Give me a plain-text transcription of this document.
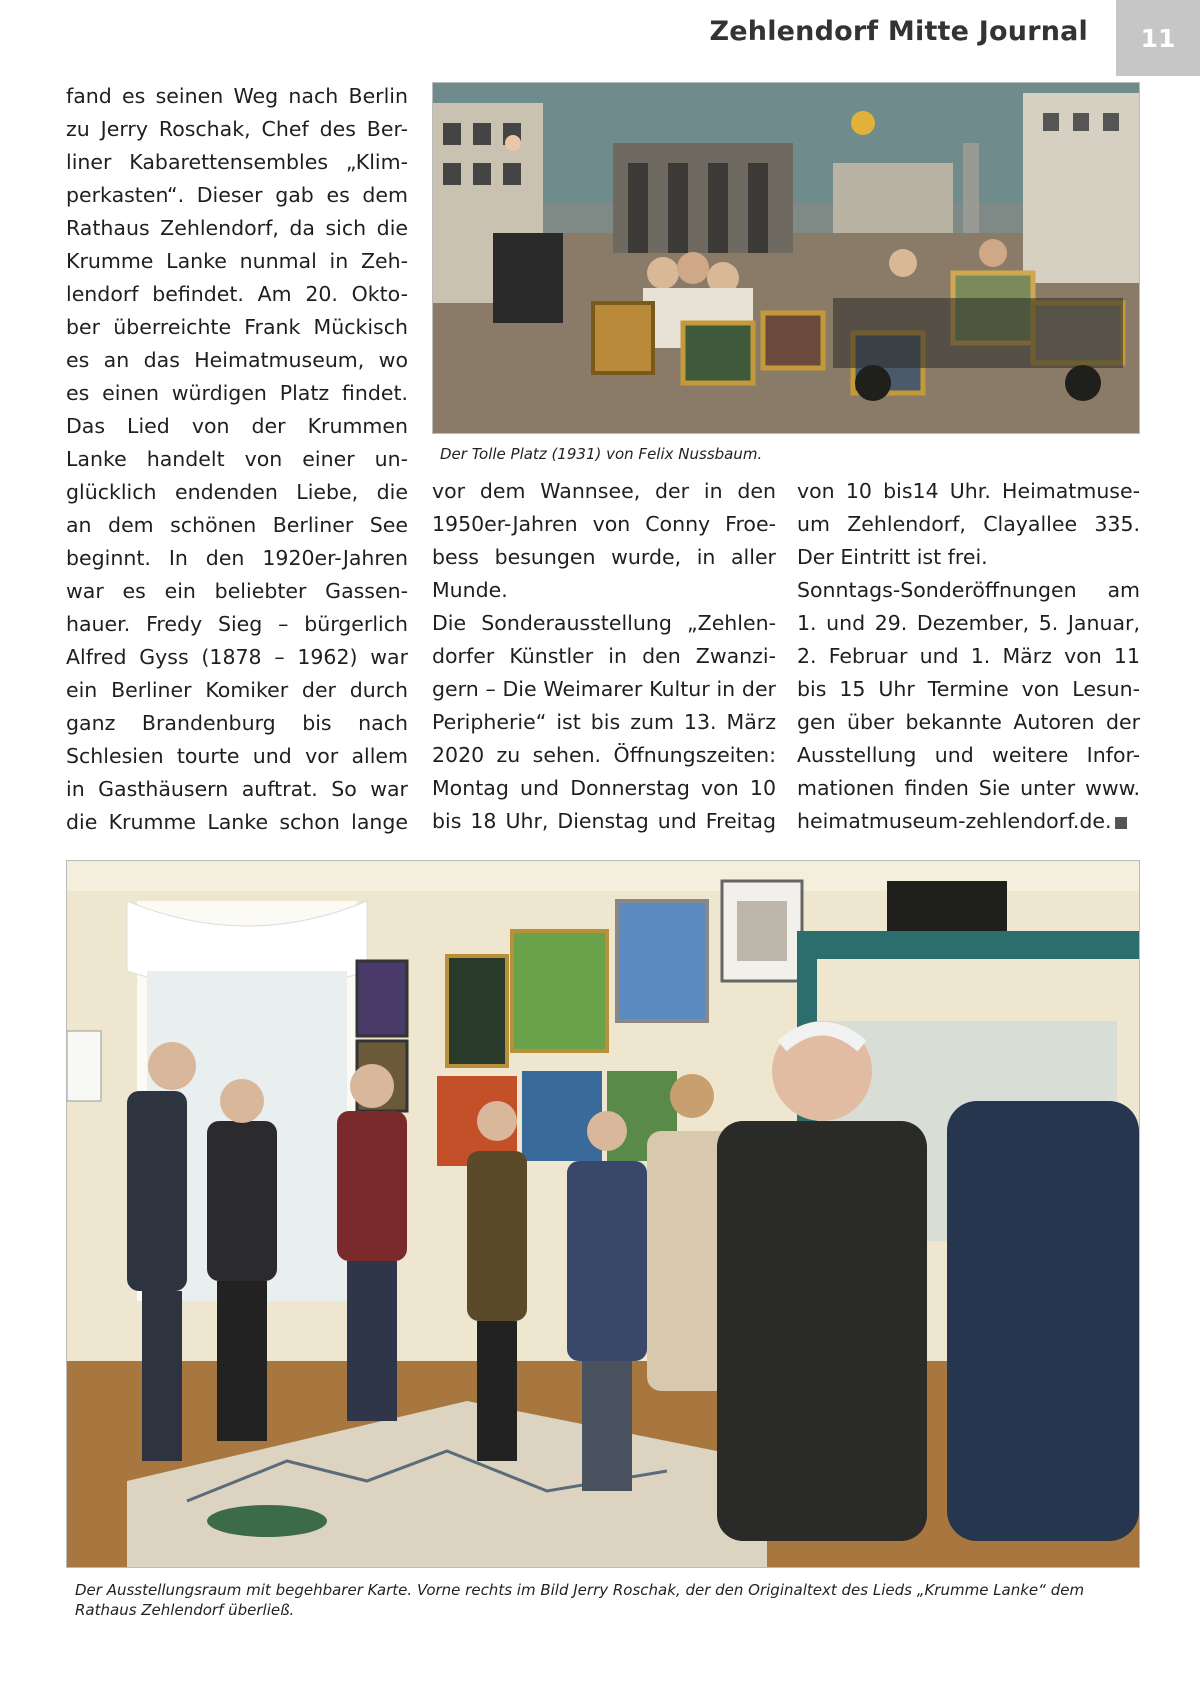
Zehlendorf Mitte Journal	11
fand es seinen Weg nach Berlin
zu Jerry Roschak, Chef des Ber-
liner Kabarettensembles „Klim-
perkasten“. Dieser gab es dem
Rathaus Zehlendorf, da sich die
Krumme Lanke nunmal in Zeh-
lendorf befindet. Am 20. Okto-
ber überreichte Frank Mückisch
es an das Heimatmuseum, wo
es einen würdigen Platz findet.
Das Lied von der Krummen
Lanke handelt von einer un-
glücklich endenden Liebe, die
an dem schönen Berliner See
beginnt. In den 1920er-Jahren
war es ein beliebter Gassen-
hauer. Fredy Sieg – bürgerlich
Alfred Gyss (1878 – 1962) war
ein Berliner Komiker der durch
ganz Brandenburg bis nach
Schlesien tourte und vor allem
in Gasthäusern auftrat. So war
die Krumme Lanke schon lange

Der Tolle Platz (1931) von Felix Nussbaum.

vor dem Wannsee, der in den
1950er-Jahren von Conny Froe-
bess besungen wurde, in aller
Munde.
Die Sonderausstellung „Zehlen-
dorfer Künstler in den Zwanzi-
gern – Die Weimarer Kultur in der
Peripherie“ ist bis zum 13. März
2020 zu sehen. Öffnungszeiten:
Montag und Donnerstag von 10
bis 18 Uhr, Dienstag und Freitag
von 10 bis14 Uhr. Heimatmuse-
um Zehlendorf, Clayallee 335.
Der Eintritt ist frei.
Sonntags-Sonderöffnungen am
1. und 29. Dezember, 5. Januar,
2. Februar und 1. März von 11
bis 15 Uhr Termine von Lesun-
gen über bekannte Autoren der
Ausstellung und weitere Infor-
mationen finden Sie unter www.
heimatmuseum-zehlendorf.de.

Der Ausstellungsraum mit begehbarer Karte. Vorne rechts im Bild Jerry Roschak, der den Originaltext des Lieds „Krumme Lanke“ dem Rathaus Zehlendorf überließ.
